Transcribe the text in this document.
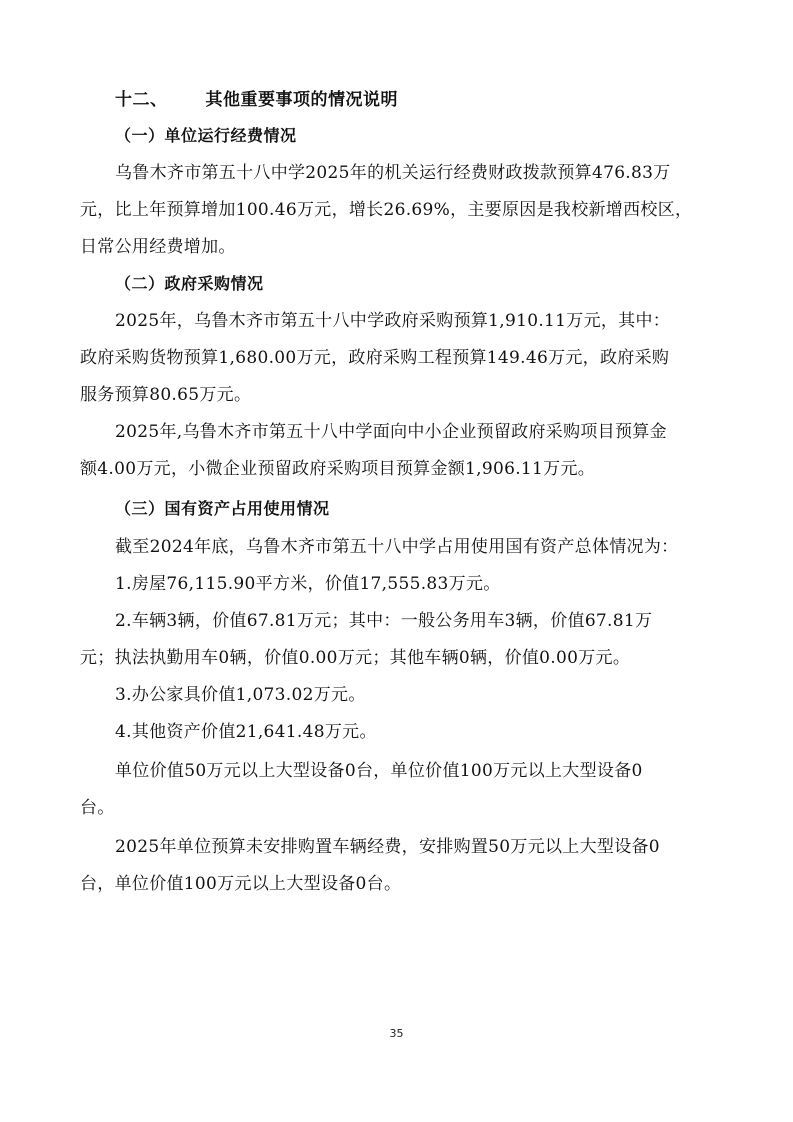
十二、 其他重要事项的情况说明
（一）单位运行经费情况
乌鲁木齐市第五十八中学2025年的机关运行经费财政拨款预算476.83万
元，比上年预算增加100.46万元，增长26.69%，主要原因是我校新增西校区，
日常公用经费增加。
（二）政府采购情况
2025年，乌鲁木齐市第五十八中学政府采购预算1,910.11万元，其中：
政府采购货物预算1,680.00万元，政府采购工程预算149.46万元，政府采购
服务预算80.65万元。
2025年,乌鲁木齐市第五十八中学面向中小企业预留政府采购项目预算金
额4.00万元，小微企业预留政府采购项目预算金额1,906.11万元。
（三）国有资产占用使用情况
截至2024年底，乌鲁木齐市第五十八中学占用使用国有资产总体情况为：
1.房屋76,115.90平方米，价值17,555.83万元。
2.车辆3辆，价值67.81万元；其中：一般公务用车3辆，价值67.81万
元；执法执勤用车0辆，价值0.00万元；其他车辆0辆，价值0.00万元。
3.办公家具价值1,073.02万元。
4.其他资产价值21,641.48万元。
单位价值50万元以上大型设备0台，单位价值100万元以上大型设备0
台。
2025年单位预算未安排购置车辆经费，安排购置50万元以上大型设备0
台，单位价值100万元以上大型设备0台。
35
